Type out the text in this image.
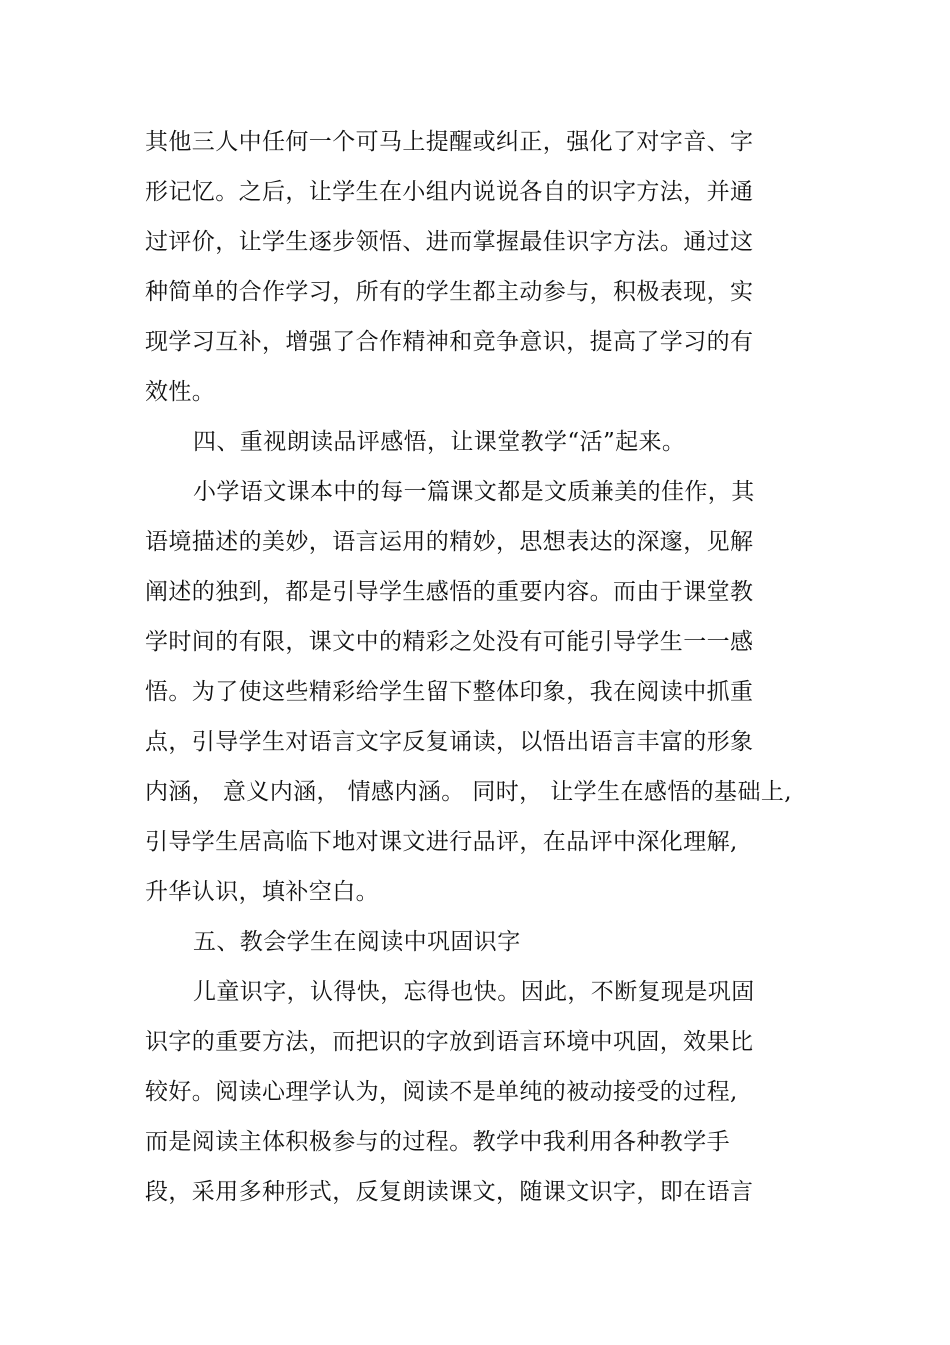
其他三人中任何一个可马上提醒或纠正，强化了对字音、字
形记忆。之后，让学生在小组内说说各自的识字方法，并通
过评价，让学生逐步领悟、进而掌握最佳识字方法。通过这
种简单的合作学习，所有的学生都主动参与，积极表现，实
现学习互补，增强了合作精神和竞争意识，提高了学习的有
效性。
四、重视朗读品评感悟，让课堂教学“活”起来。
小学语文课本中的每一篇课文都是文质兼美的佳作，其
语境描述的美妙，语言运用的精妙，思想表达的深邃，见解
阐述的独到，都是引导学生感悟的重要内容。而由于课堂教
学时间的有限，课文中的精彩之处没有可能引导学生一一感
悟。为了使这些精彩给学生留下整体印象，我在阅读中抓重
点，引导学生对语言文字反复诵读，以悟出语言丰富的形象
内涵， 意义内涵， 情感内涵。 同时， 让学生在感悟的基础上,
引导学生居高临下地对课文进行品评，在品评中深化理解,
升华认识，填补空白。
五、教会学生在阅读中巩固识字
儿童识字，认得快，忘得也快。因此，不断复现是巩固
识字的重要方法，而把识的字放到语言环境中巩固，效果比
较好。阅读心理学认为，阅读不是单纯的被动接受的过程,
而是阅读主体积极参与的过程。教学中我利用各种教学手
段，采用多种形式，反复朗读课文，随课文识字，即在语言
